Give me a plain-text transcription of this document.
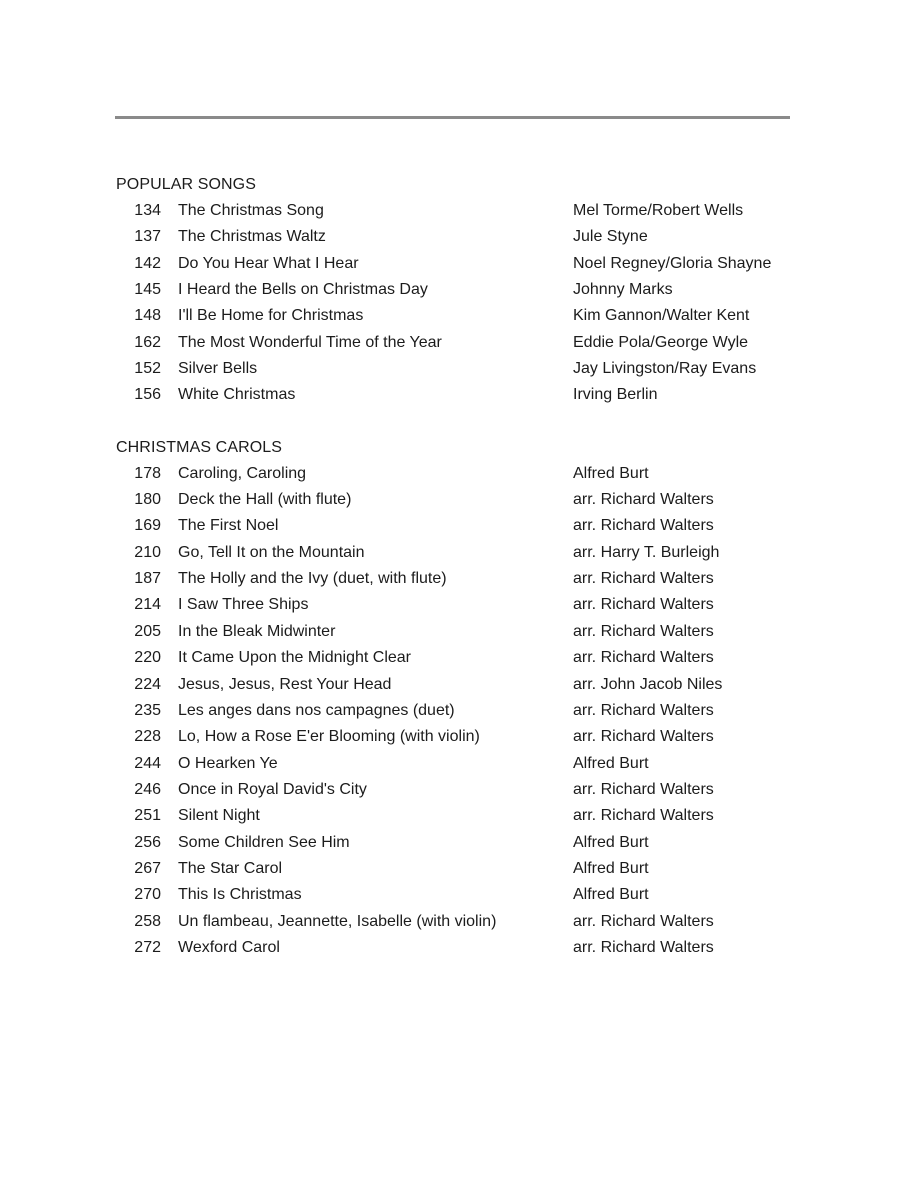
POPULAR SONGS
134 The Christmas Song	Mel Torme/Robert Wells
137 The Christmas Waltz	Jule Styne
142 Do You Hear What I Hear	Noel Regney/Gloria Shayne
145 I Heard the Bells on Christmas Day	Johnny Marks
148 I'll Be Home for Christmas	Kim Gannon/Walter Kent
162 The Most Wonderful Time of the Year	Eddie Pola/George Wyle
152 Silver Bells	Jay Livingston/Ray Evans
156 White Christmas	Irving Berlin
CHRISTMAS CAROLS
178 Caroling, Caroling	Alfred Burt
180 Deck the Hall (with flute)	arr. Richard Walters
169 The First Noel	arr. Richard Walters
210 Go, Tell It on the Mountain	arr. Harry T. Burleigh
187 The Holly and the Ivy (duet, with flute)	arr. Richard Walters
214 I Saw Three Ships	arr. Richard Walters
205 In the Bleak Midwinter	arr. Richard Walters
220 It Came Upon the Midnight Clear	arr. Richard Walters
224 Jesus, Jesus, Rest Your Head	arr. John Jacob Niles
235 Les anges dans nos campagnes (duet)	arr. Richard Walters
228 Lo, How a Rose E'er Blooming (with violin)	arr. Richard Walters
244 O Hearken Ye	Alfred Burt
246 Once in Royal David's City	arr. Richard Walters
251 Silent Night	arr. Richard Walters
256 Some Children See Him	Alfred Burt
267 The Star Carol	Alfred Burt
270 This Is Christmas	Alfred Burt
258 Un flambeau, Jeannette, Isabelle (with violin)	arr. Richard Walters
272 Wexford Carol	arr. Richard Walters
